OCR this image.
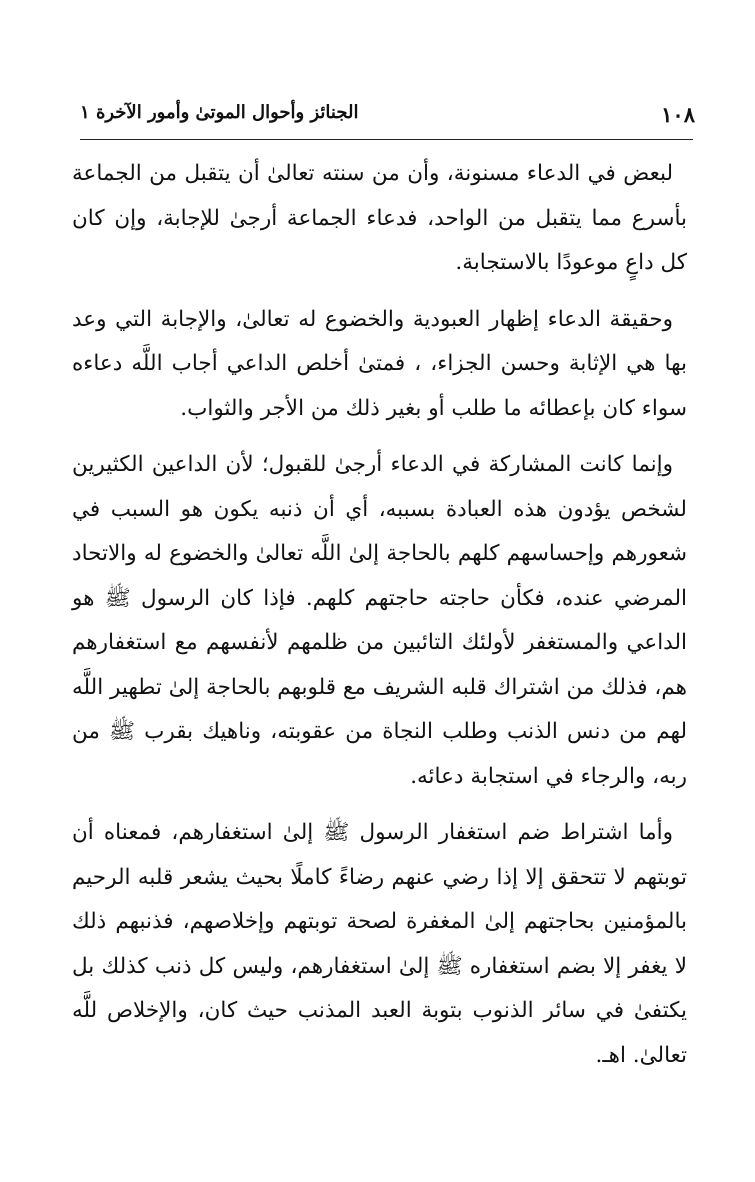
١٠٨
الجنائز وأحوال الموتىٰ وأمور الآخرة ١

لبعض في الدعاء مسنونة، وأن من سنته تعالىٰ أن يتقبل من الجماعة بأسرع مما يتقبل من الواحد، فدعاء الجماعة أرجىٰ للإجابة، وإن كان كل داعٍ موعودًا بالاستجابة.

وحقيقة الدعاء إظهار العبودية والخضوع له تعالىٰ، والإجابة التي وعد بها هي الإثابة وحسن الجزاء، ، فمتىٰ أخلص الداعي أجاب اللَّه دعاءه سواء كان بإعطائه ما طلب أو بغير ذلك من الأجر والثواب.

وإنما كانت المشاركة في الدعاء أرجىٰ للقبول؛ لأن الداعين الكثيرين لشخص يؤدون هذه العبادة بسببه، أي أن ذنبه يكون هو السبب في شعورهم وإحساسهم كلهم بالحاجة إلىٰ اللَّه تعالىٰ والخضوع له والاتحاد المرضي عنده، فكأن حاجته حاجتهم كلهم. فإذا كان الرسول ﷺ هو الداعي والمستغفر لأولئك التائبين من ظلمهم لأنفسهم مع استغفارهم هم، فذلك من اشتراك قلبه الشريف مع قلوبهم بالحاجة إلىٰ تطهير اللَّه لهم من دنس الذنب وطلب النجاة من عقوبته، وناهيك بقرب ﷺ من ربه، والرجاء في استجابة دعائه.

وأما اشتراط ضم استغفار الرسول ﷺ إلىٰ استغفارهم، فمعناه أن توبتهم لا تتحقق إلا إذا رضي عنهم رضاءً كاملًا بحيث يشعر قلبه الرحيم بالمؤمنين بحاجتهم إلىٰ المغفرة لصحة توبتهم وإخلاصهم، فذنبهم ذلك لا يغفر إلا بضم استغفاره ﷺ إلىٰ استغفارهم، وليس كل ذنب كذلك بل يكتفىٰ في سائر الذنوب بتوبة العبد المذنب حيث كان، والإخلاص للَّه تعالىٰ. اهـ.
